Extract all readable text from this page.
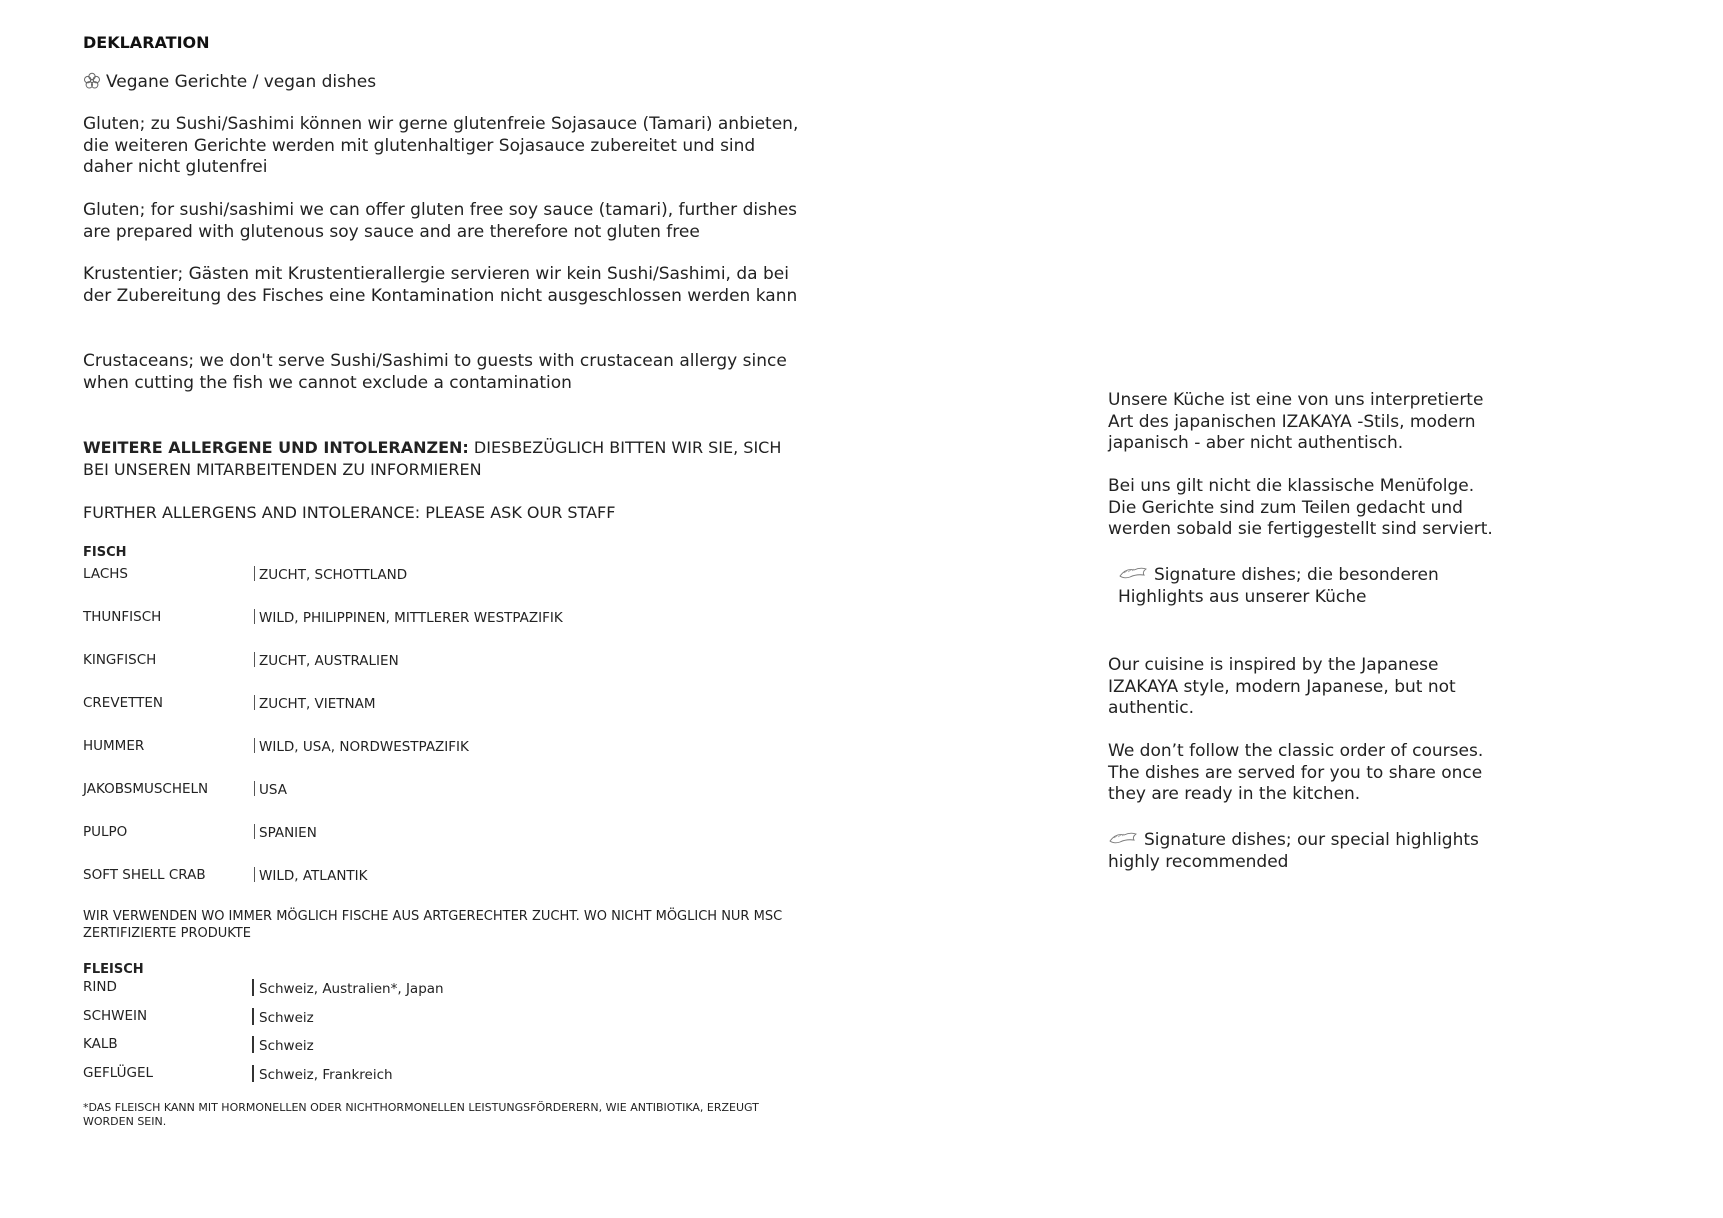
DEKLARATION
Vegane Gerichte / vegan dishes
Gluten; zu Sushi/Sashimi können wir gerne glutenfreie Sojasauce (Tamari) anbieten, die weiteren Gerichte werden mit glutenhaltiger Sojasauce zubereitet und sind daher nicht glutenfrei
Gluten; for sushi/sashimi we can offer gluten free soy sauce (tamari), further dishes are prepared with glutenous soy sauce and are therefore not gluten free
Krustentier; Gästen mit Krustentierallergie servieren wir kein Sushi/Sashimi, da bei der Zubereitung des Fisches eine Kontamination nicht ausgeschlossen werden kann
Crustaceans; we don't serve Sushi/Sashimi to guests with crustacean allergy since when cutting the fish we cannot exclude a contamination
WEITERE ALLERGENE UND INTOLERANZEN: DIESBEZÜGLICH BITTEN WIR SIE, SICH BEI UNSEREN MITARBEITENDEN ZU INFORMIEREN
FURTHER ALLERGENS AND INTOLERANCE: PLEASE ASK OUR STAFF
FISCH
LACHS	ZUCHT, SCHOTTLAND
THUNFISCH	WILD, PHILIPPINEN, MITTLERER WESTPAZIFIK
KINGFISCH	ZUCHT, AUSTRALIEN
CREVETTEN	ZUCHT, VIETNAM
HUMMER	WILD, USA, NORDWESTPAZIFIK
JAKOBSMUSCHELN	USA
PULPO	SPANIEN
SOFT SHELL CRAB	WILD, ATLANTIK
WIR VERWENDEN WO IMMER MÖGLICH FISCHE AUS ARTGERECHTER ZUCHT. WO NICHT MÖGLICH NUR MSC ZERTIFIZIERTE PRODUKTE
FLEISCH
RIND	Schweiz, Australien*, Japan
SCHWEIN	Schweiz
KALB	Schweiz
GEFLÜGEL	Schweiz, Frankreich
*DAS FLEISCH KANN MIT HORMONELLEN ODER NICHTHORMONELLEN LEISTUNGSFÖRDERERN, WIE ANTIBIOTIKA, ERZEUGT WORDEN SEIN.
Unsere Küche ist eine von uns interpretierte Art des japanischen IZAKAYA -Stils, modern japanisch - aber nicht authentisch.
Bei uns gilt nicht die klassische Menüfolge. Die Gerichte sind zum Teilen gedacht und werden sobald sie fertiggestellt sind serviert.
Signature dishes; die besonderen Highlights aus unserer Küche
Our cuisine is inspired by the Japanese IZAKAYA style, modern Japanese, but not authentic.
We don’t follow the classic order of courses. The dishes are served for you to share once they are ready in the kitchen.
Signature dishes; our special highlights highly recommended
